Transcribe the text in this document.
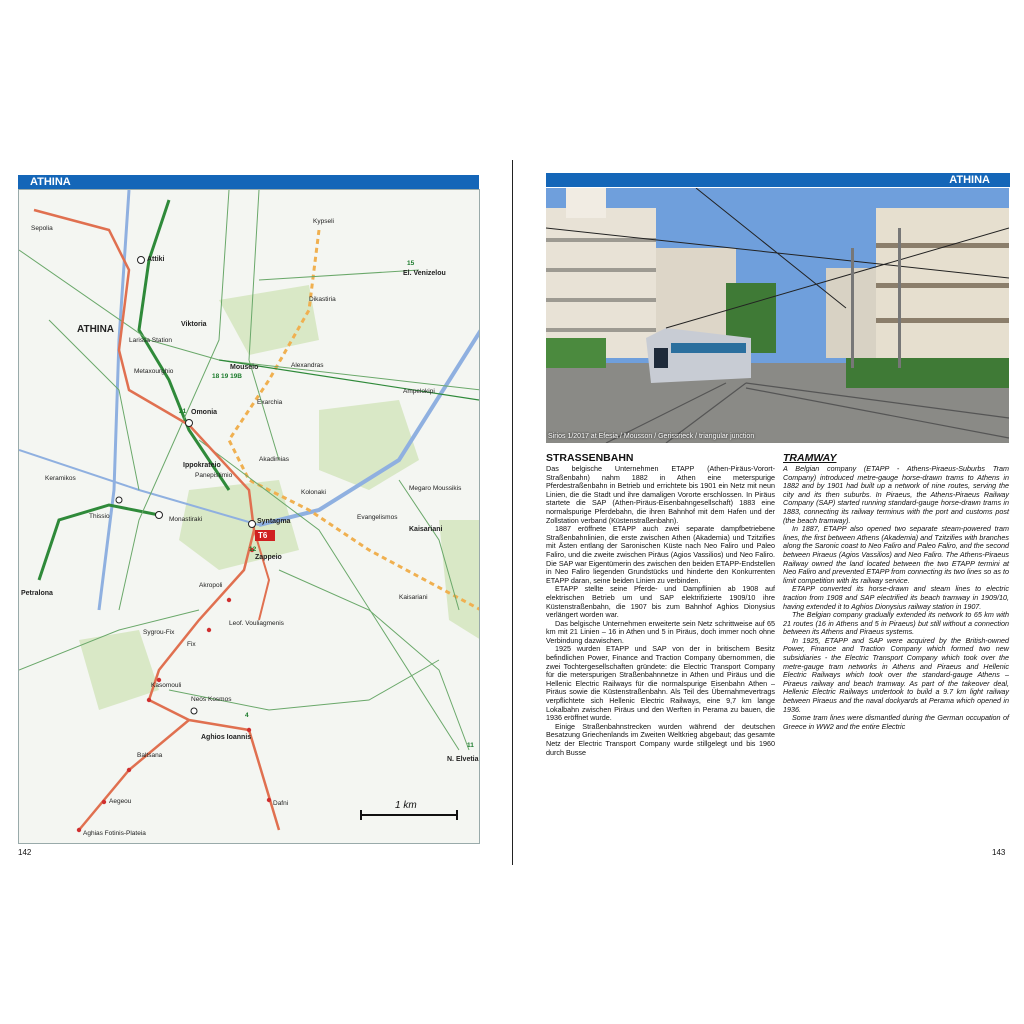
ATHINA
Sepolia
Attiki
ATHINA
Larissa Station
Viktoria
Metaxourghio
Omonia
21
Mouseio
18 19 19B
Alexandras
Exarchia
Kypseli
Dikastiria
El. Venizelou
15
Ampelokipi
Akadimias
Ippokrateio
Panepistimio
Keramikos
Kolonaki
Megaro Moussikis
Thissio	Monastiraki	Syntagma
Evangelismos
T6
12
Zappeio
Kaisariani
Kaisariani
Petralona
Akropoli
Sygrou-Fix
Fix
Leof. Vouliagmenis
Kasomouli
Neos Kosmos
Aghios Ioannis
4
Baltsana
Aegeou
Aghias Fotinis-Plateia
Dafni
N. Elvetia
11
1 km
142
ATHINA
Sirios 1/2017 at Efesia / Mousson / Gerissrieck / triangular junction
STRASSENBAHN

Das belgische Unternehmen ETAPP (Athen-Piräus-Vorort-Straßenbahn) nahm 1882 in Athen eine meterspurige Pferdestraßenbahn in Betrieb und errichtete bis 1901 ein Netz mit neun Linien, die die Stadt und ihre damaligen Vororte erschlossen. In Piräus startete die SAP (Athen-Piräus-Eisenbahngesellschaft) 1883 eine normalspurige Pferdebahn, die ihren Bahnhof mit dem Hafen und der Zollstation verband (Küstenstraßenbahn).

1887 eröffnete ETAPP auch zwei separate dampfbetriebene Straßenbahnlinien, die erste zwischen Athen (Akademia) und Tzitzifies mit Ästen entlang der Saronischen Küste nach Neo Faliro und Paleo Faliro, und die zweite zwischen Piräus (Agios Vassilios) und Neo Faliro. Die SAP war Eigentümerin des zwischen den beiden ETAPP-Endstellen in Neo Faliro liegenden Grundstücks und hinderte den Konkurrenten ETAPP daran, seine beiden Linien zu verbinden.

ETAPP stellte seine Pferde- und Dampflinien ab 1908 auf elektrischen Betrieb um und SAP elektrifizierte 1909/10 ihre Küstenstraßenbahn, die 1907 bis zum Bahnhof Aghios Dionysius verlängert worden war.

Das belgische Unternehmen erweiterte sein Netz schrittweise auf 65 km mit 21 Linien – 16 in Athen und 5 in Piräus, doch immer noch ohne Verbindung dazwischen.

1925 wurden ETAPP und SAP von der in britischem Besitz befindlichen Power, Finance and Traction Company übernommen, die zwei Tochtergesellschaften gründete: die Electric Transport Company für die meterspurigen Straßenbahnnetze in Athen und Piräus und die Hellenic Electric Railways für die normalspurige Eisenbahn Athen – Piräus sowie die Küstenstraßenbahn. Als Teil des Übernahmevertrags verpflichtete sich Hellenic Electric Railways, eine 9,7 km lange Lokalbahn zwischen Piräus und den Werften in Perama zu bauen, die 1936 eröffnet wurde.

Einige Straßenbahnstrecken wurden während der deutschen Besatzung Griechenlands im Zweiten Weltkrieg abgebaut; das gesamte Netz der Electric Transport Company wurde stillgelegt und bis 1960 durch Busse

TRAMWAY

A Belgian company (ETAPP - Athens-Piraeus-Suburbs Tram Company) introduced metre-gauge horse-drawn trams to Athens in 1882 and by 1901 had built up a network of nine routes, serving the city and its then suburbs. In Piraeus, the Athens-Piraeus Railway Company (SAP) started running standard-gauge horse-drawn trams in 1883, connecting its railway terminus with the port and customs post (the beach tramway).

In 1887, ETAPP also opened two separate steam-powered tram lines, the first between Athens (Akademia) and Tzitzifies with branches along the Saronic coast to Neo Faliro and Paleo Faliro, and the second between Piraeus (Agios Vassilios) and Neo Faliro. The Athens-Piraeus Railway owned the land located between the two ETAPP termini at Neo Faliro and prevented ETAPP from connecting its two lines so as to limit competition with its railway service.

ETAPP converted its horse-drawn and steam lines to electric traction from 1908 and SAP electrified its beach tramway in 1909/10, having extended it to Aghios Dionysius railway station in 1907.

The Belgian company gradually extended its network to 65 km with 21 routes (16 in Athens and 5 in Piraeus) but still without a connection between its Athens and Piraeus systems.

In 1925, ETAPP and SAP were acquired by the British-owned Power, Finance and Traction Company which formed two new subsidiaries - the Electric Transport Company which took over the metre-gauge tram networks in Athens and Piraeus and Hellenic Electric Railways which took over the standard-gauge Athens – Piraeus railway and beach tramway. As part of the takeover deal, Hellenic Electric Railways undertook to build a 9.7 km light railway between Piraeus and the naval dockyards at Perama which opened in 1936.

Some tram lines were dismantled during the German occupation of Greece in WW2 and the entire Electric

143
